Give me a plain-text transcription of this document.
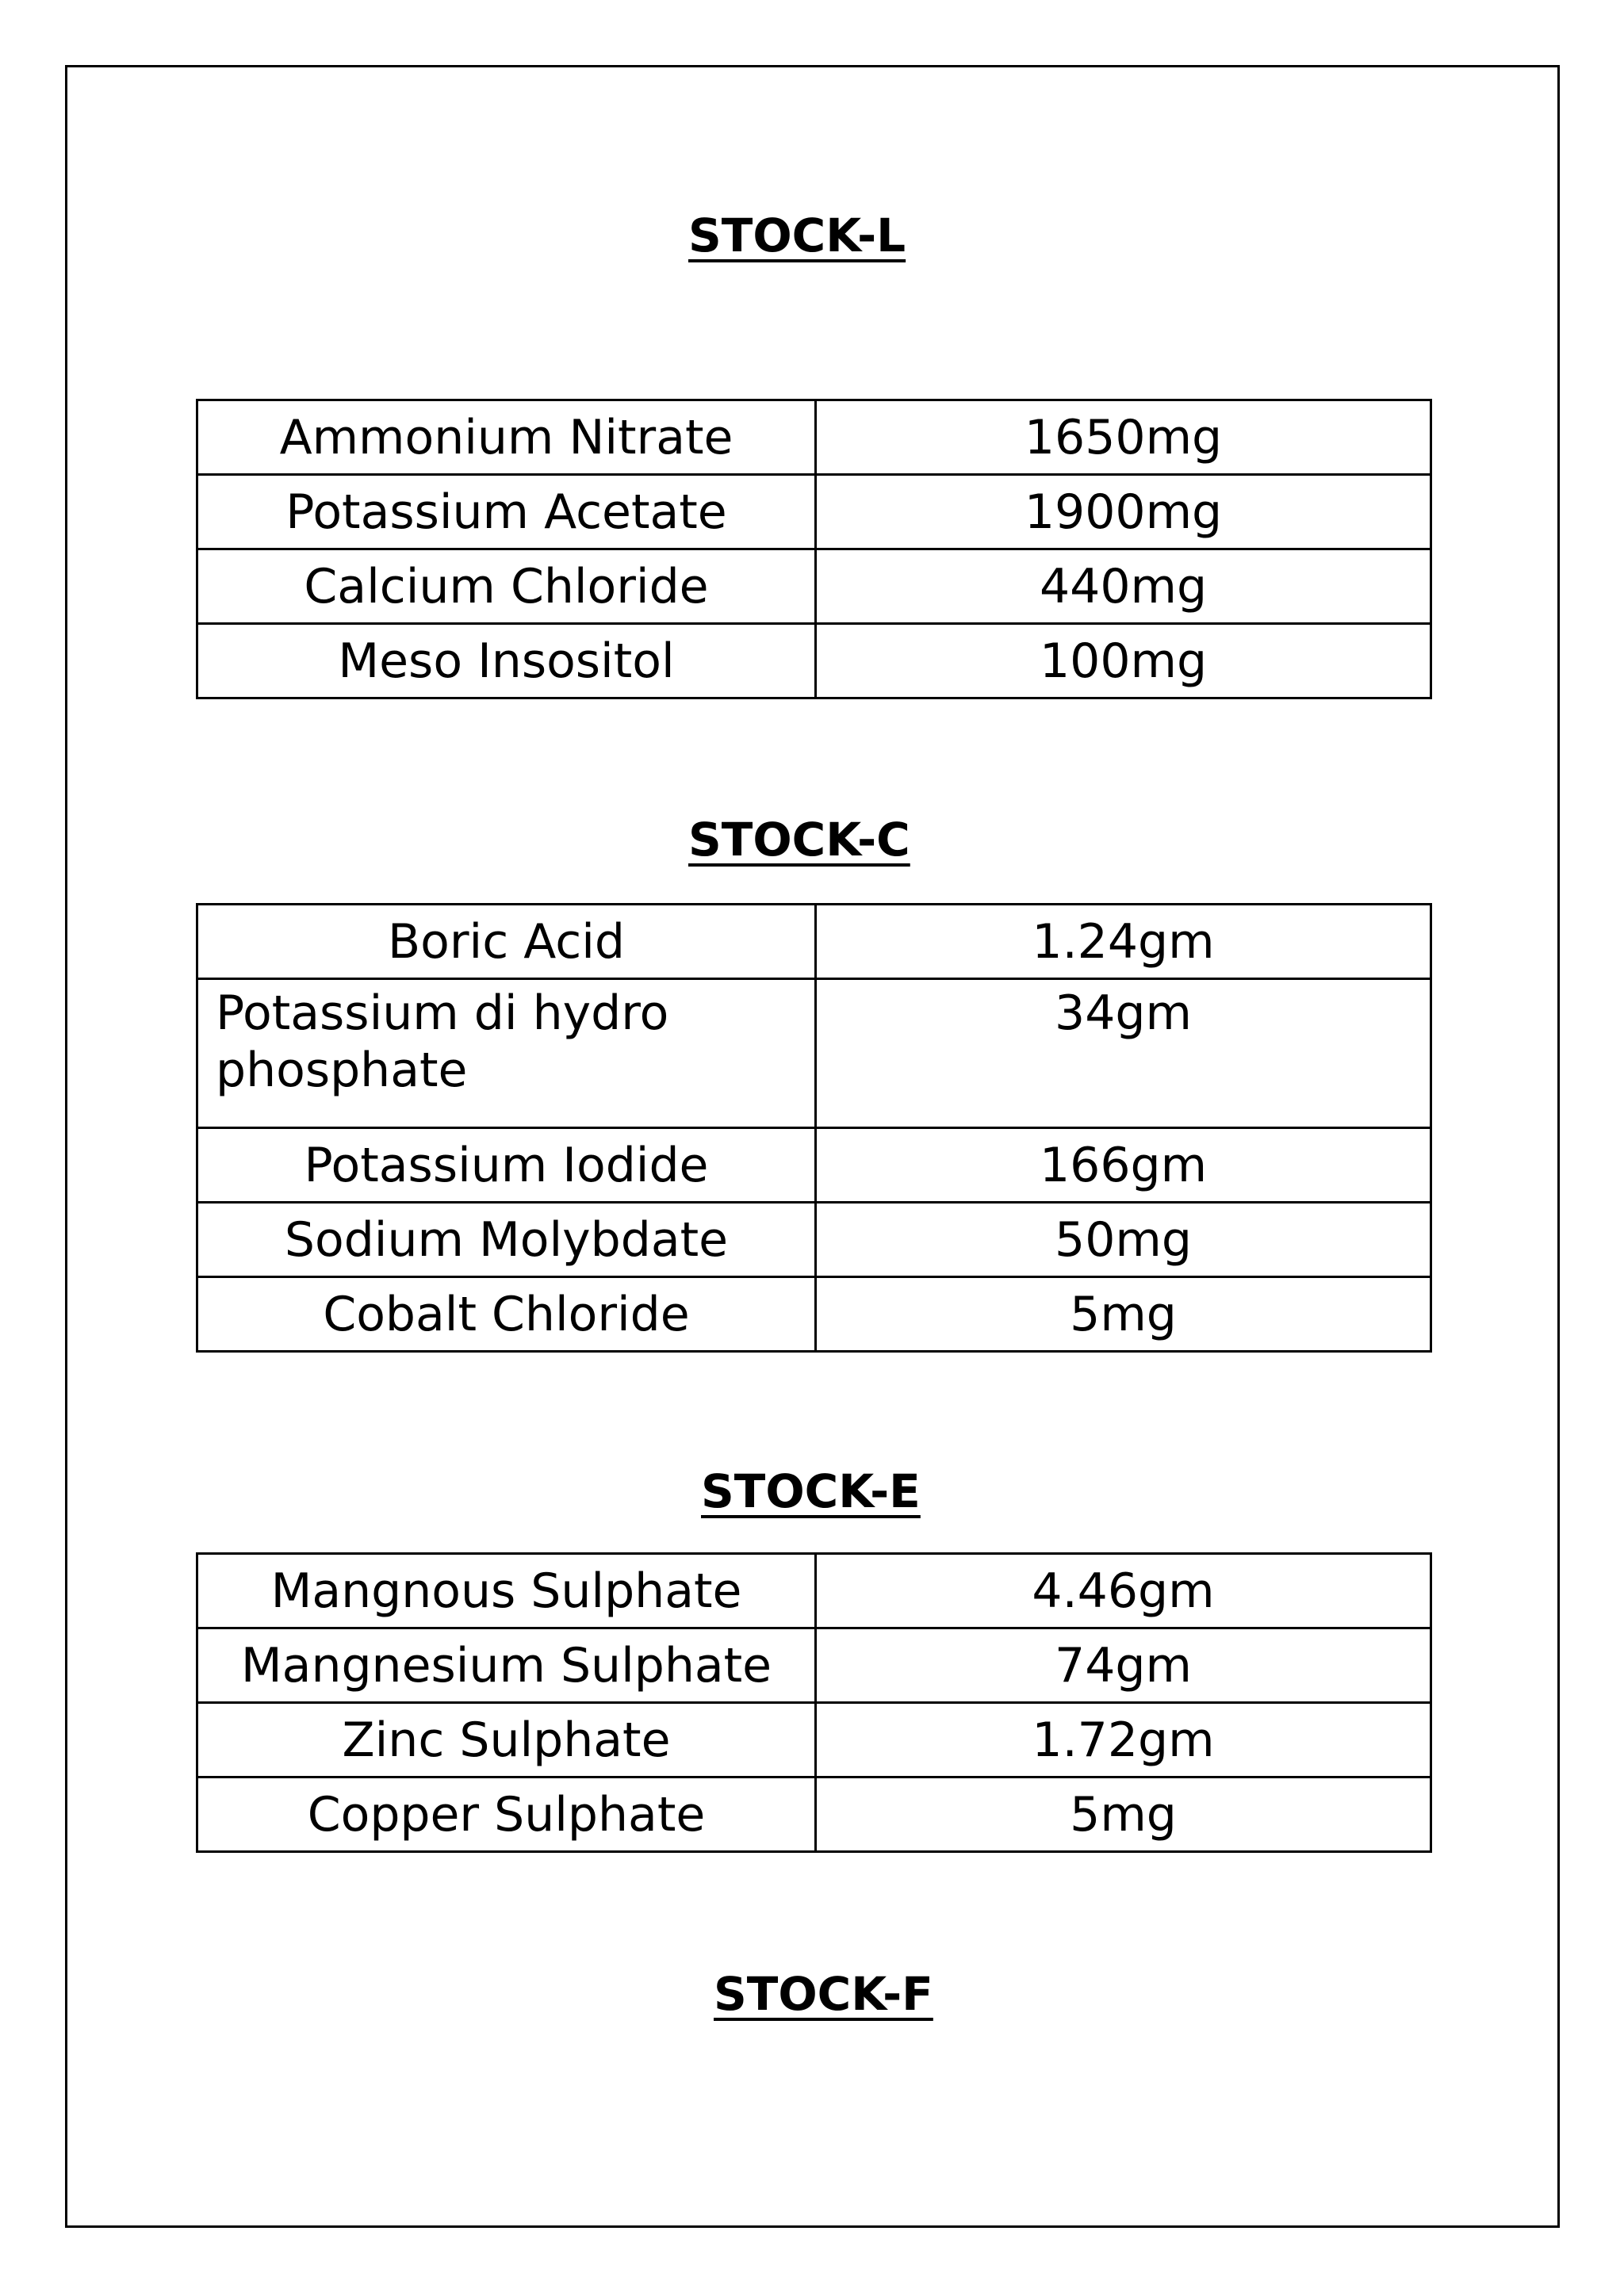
STOCK-L
Ammonium Nitrate	1650mg
Potassium Acetate	1900mg
Calcium Chloride	440mg
Meso Insositol	100mg
STOCK-C
Boric Acid	1.24gm
Potassium di hydro phosphate	34gm
Potassium Iodide	166gm
Sodium Molybdate	50mg
Cobalt Chloride	5mg
STOCK-E
Mangnous Sulphate	4.46gm
Mangnesium Sulphate	74gm
Zinc Sulphate	1.72gm
Copper Sulphate	5mg
STOCK-F
